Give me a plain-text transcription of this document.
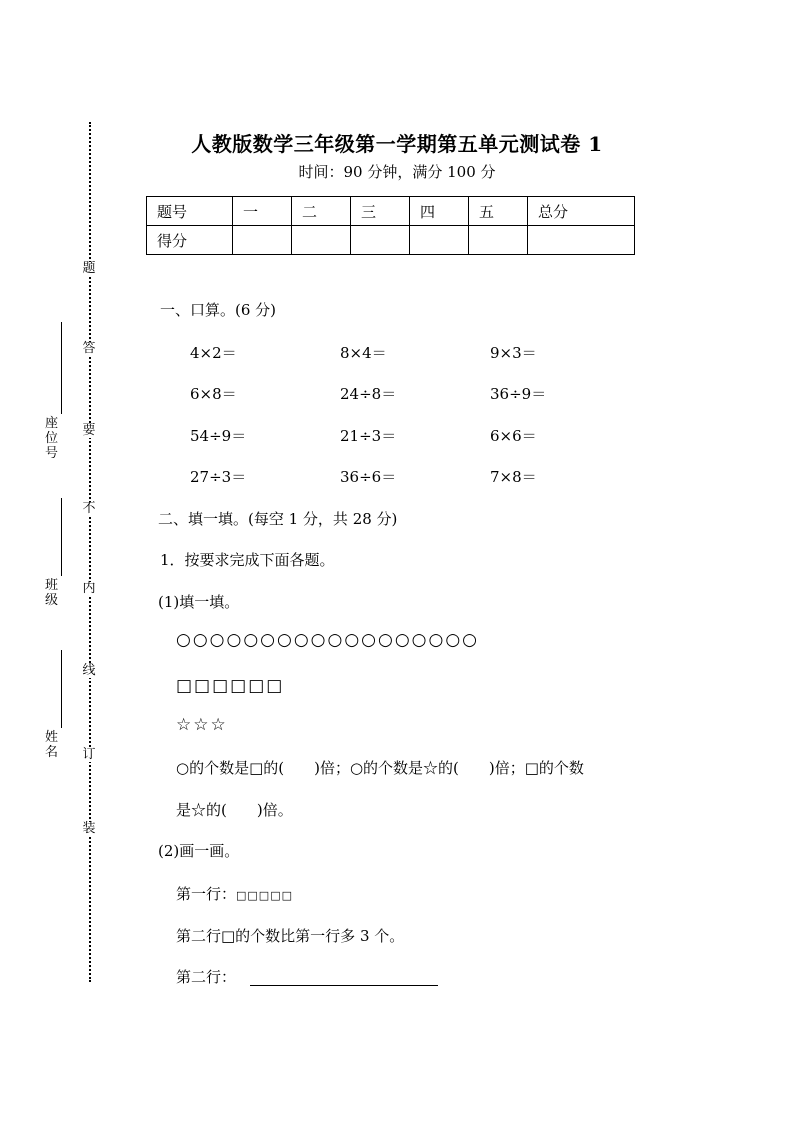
题
答
要
不
内
线
订
装
座位号
班级
姓名
人教版数学三年级第一学期第五单元测试卷 1
时间：90 分钟，满分 100 分
题号	一	二	三	四	五	总分
得分						
一、口算。(6 分)
4×2＝	8×4＝	9×3＝
6×8＝	24÷8＝	36÷9＝
54÷9＝	21÷3＝	6×6＝
27÷3＝	36÷6＝	7×8＝
二、填一填。(每空 1 分，共 28 分)
1．按要求完成下面各题。
(1)填一填。
○○○○○○○○○○○○○○○○○○
□□□□□□
☆☆☆
○的个数是□的(　　)倍；○的个数是☆的(　　)倍；□的个数
是☆的(　　)倍。
(2)画一画。
第一行：□□□□□
第二行□的个数比第一行多 3 个。
第二行：
